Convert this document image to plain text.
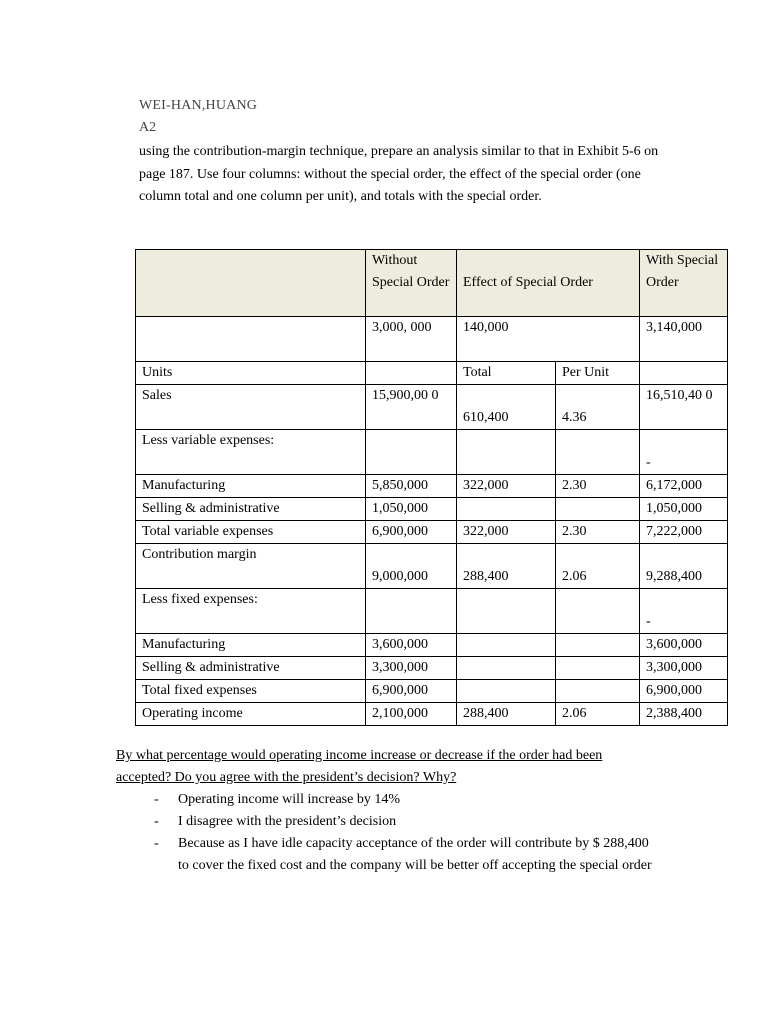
WEI-HAN,HUANG
A2
using the contribution-margin technique, prepare an analysis similar to that in Exhibit 5-6 on page 187. Use four columns: without the special order, the effect of the special order (one column total and one column per unit), and totals with the special order.
	Without Special Order	Effect of Special Order		With Special Order
	3,000, 000	140,000		3,140,000
Units		Total	Per Unit	
Sales	15,900,00 0	610,400	4.36	16,510,40 0
Less variable expenses:				-
Manufacturing	5,850,000	322,000	2.30	6,172,000
Selling & administrative	1,050,000			1,050,000
Total variable expenses	6,900,000	322,000	2.30	7,222,000
Contribution margin	9,000,000	288,400	2.06	9,288,400
Less fixed expenses:				-
Manufacturing	3,600,000			3,600,000
Selling & administrative	3,300,000			3,300,000
Total fixed expenses	6,900,000			6,900,000
Operating income	2,100,000	288,400	2.06	2,388,400
By what percentage would operating income increase or decrease if the order had been accepted? Do you agree with the president’s decision? Why?
- Operating income will increase by 14%
- I disagree with the president’s decision
- Because as I have idle capacity acceptance of the order will contribute by $ 288,400 to cover the fixed cost and the company will be better off accepting the special order
